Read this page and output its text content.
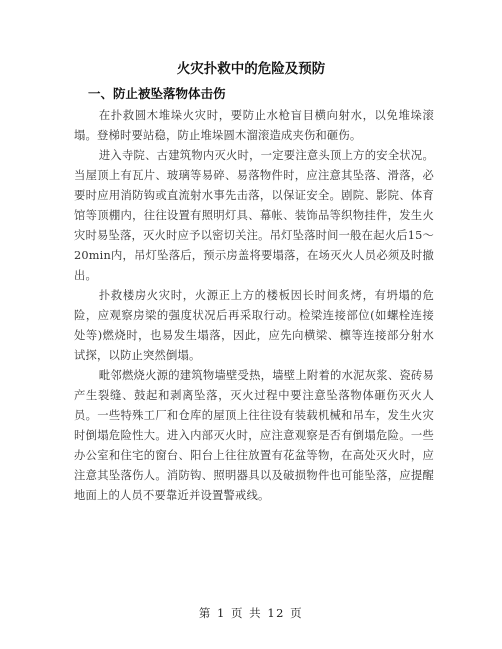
火灾扑救中的危险及预防
一、防止被坠落物体击伤

在扑救圆木堆垛火灾时，要防止水枪盲目横向射水，以免堆垛滚塌。登梯时要站稳，防止堆垛圆木溜滚造成夹伤和砸伤。

进入寺院、古建筑物内灭火时，一定要注意头顶上方的安全状况。当屋顶上有瓦片、玻璃等易碎、易落物件时，应注意其坠落、滑落，必要时应用消防钩或直流射水事先击落，以保证安全。剧院、影院、体育馆等顶棚内，往往设置有照明灯具、幕帐、装饰品等织物挂件，发生火灾时易坠落，灭火时应予以密切关注。吊灯坠落时间一般在起火后15～20min内，吊灯坠落后，预示房盖将要塌落，在场灭火人员必须及时撤出。

扑救楼房火灾时，火源正上方的楼板因长时间炙烤，有坍塌的危险，应观察房梁的强度状况后再采取行动。检梁连接部位(如螺栓连接处等)燃烧时，也易发生塌落，因此，应先向横梁、檩等连接部分射水试探，以防止突然倒塌。

毗邻燃烧火源的建筑物墙壁受热，墙壁上附着的水泥灰浆、瓷砖易产生裂缝、鼓起和剥离坠落，灭火过程中要注意坠落物体砸伤灭火人员。一些特殊工厂和仓库的屋顶上往往设有装载机械和吊车，发生火灾时倒塌危险性大。进入内部灭火时，应注意观察是否有倒塌危险。一些办公室和住宅的窗台、阳台上往往放置有花盆等物，在高处灭火时，应注意其坠落伤人。消防钩、照明器具以及破损物件也可能坠落，应提醒地面上的人员不要靠近并设置警戒线。

第 1 页 共 12 页
